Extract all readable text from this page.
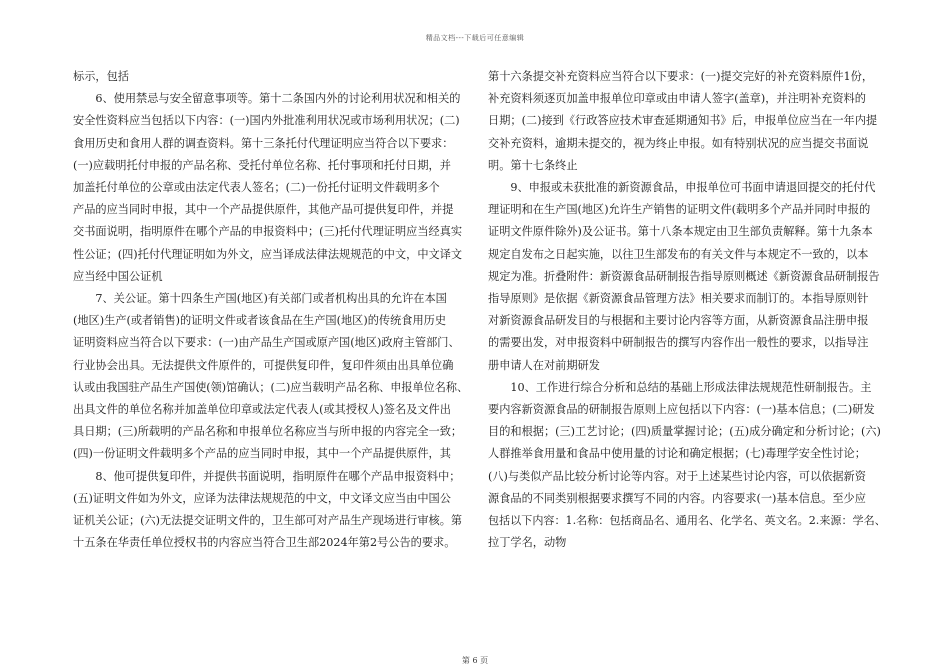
精品文档---下载后可任意编辑

标示，包括

　　6、使用禁忌与安全留意事项等。第十二条国内外的讨论利用状况和相关的

安全性资料应当包括以下内容：(一)国内外批准利用状况或市场利用状况；(二)

食用历史和食用人群的调查资料。第十三条托付代理证明应当符合以下要求：

(一)应载明托付申报的产品名称、受托付单位名称、托付事项和托付日期，并

加盖托付单位的公章或由法定代表人签名；(二)一份托付证明文件载明多个

产品的应当同时申报，其中一个产品提供原件，其他产品可提供复印件，并提

交书面说明，指明原件在哪个产品的申报资料中；(三)托付代理证明应当经真实

性公证；(四)托付代理证明如为外文，应当译成法律法规规范的中文，中文译文

应当经中国公证机

　　7、关公证。第十四条生产国(地区)有关部门或者机构出具的允许在本国

(地区)生产(或者销售)的证明文件或者该食品在生产国(地区)的传统食用历史

证明资料应当符合以下要求：(一)由产品生产国或原产国(地区)政府主管部门、

行业协会出具。无法提供文件原件的，可提供复印件，复印件须由出具单位确

认或由我国驻产品生产国使(领)馆确认；(二)应当载明产品名称、申报单位名称、

出具文件的单位名称并加盖单位印章或法定代表人(或其授权人)签名及文件出

具日期；(三)所载明的产品名称和申报单位名称应当与所申报的内容完全一致；

(四)一份证明文件载明多个产品的应当同时申报，其中一个产品提供原件，其

　　8、他可提供复印件，并提供书面说明，指明原件在哪个产品申报资料中；

(五)证明文件如为外文，应译为法律法规规范的中文，中文译文应当由中国公

证机关公证；(六)无法提交证明文件的，卫生部可对产品生产现场进行审核。第

十五条在华责任单位授权书的内容应当符合卫生部2024年第2号公告的要求。

第十六条提交补充资料应当符合以下要求：(一)提交完好的补充资料原件1份，

补充资料须逐页加盖申报单位印章或由申请人签字(盖章)，并注明补充资料的

日期；(二)接到《行政答应技术审查延期通知书》后，申报单位应当在一年内提

交补充资料，逾期未提交的，视为终止申报。如有特别状况的应当提交书面说

明。第十七条终止

　　9、申报或未获批准的新资源食品，申报单位可书面申请退回提交的托付代

理证明和在生产国(地区)允许生产销售的证明文件(载明多个产品并同时申报的

证明文件原件除外)及公证书。第十八条本规定由卫生部负责解释。第十九条本

规定自发布之日起实施，以往卫生部发布的有关文件与本规定不一致的，以本

规定为准。折叠附件：新资源食品研制报告指导原则概述《新资源食品研制报告

指导原则》是依据《新资源食品管理方法》相关要求而制订的。本指导原则针

对新资源食品研发目的与根据和主要讨论内容等方面，从新资源食品注册申报

的需要出发，对申报资料中研制报告的撰写内容作出一般性的要求，以指导注

册申请人在对前期研发

　　10、工作进行综合分析和总结的基础上形成法律法规规范性研制报告。主

要内容新资源食品的研制报告原则上应包括以下内容：(一)基本信息；(二)研发

目的和根据；(三)工艺讨论；(四)质量掌握讨论；(五)成分确定和分析讨论；(六)

人群推举食用量和食品中使用量的讨论和确定根据；(七)毒理学安全性讨论；

(八)与类似产品比较分析讨论等内容。对于上述某些讨论内容，可以依据新资

源食品的不同类别根据要求撰写不同的内容。内容要求(一)基本信息。至少应

包括以下内容：1.名称：包括商品名、通用名、化学名、英文名。2.来源：学名、

拉丁学名，动物

第 6 页
